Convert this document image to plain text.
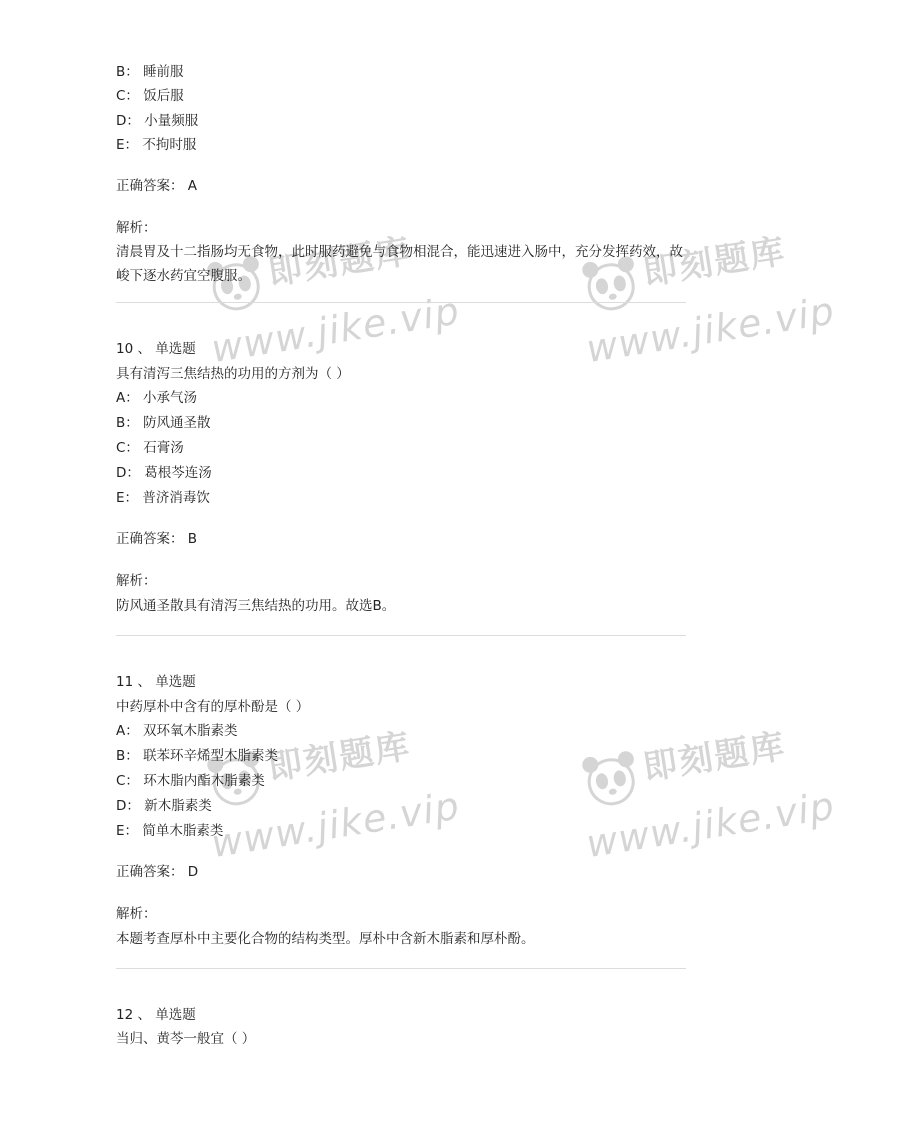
即刻题库
www.jike.vip
即刻题库
www.jike.vip
即刻题库
www.jike.vip
即刻题库
www.jike.vip
B： 睡前服
C： 饭后服
D： 小量频服
E： 不拘时服
正确答案： A
解析：
清晨胃及十二指肠均无食物，此时服药避免与食物相混合，能迅速进入肠中，充分发挥药效，故峻下逐水药宜空腹服。
10 、 单选题
具有清泻三焦结热的功用的方剂为（ ）
A： 小承气汤
B： 防风通圣散
C： 石膏汤
D： 葛根芩连汤
E： 普济消毒饮
正确答案： B
解析：
防风通圣散具有清泻三焦结热的功用。故选B。
11 、 单选题
中药厚朴中含有的厚朴酚是（ ）
A： 双环氧木脂素类
B： 联苯环辛烯型木脂素类
C： 环木脂内酯木脂素类
D： 新木脂素类
E： 简单木脂素类
正确答案： D
解析：
本题考查厚朴中主要化合物的结构类型。厚朴中含新木脂素和厚朴酚。
12 、 单选题
当归、黄芩一般宜（ ）
